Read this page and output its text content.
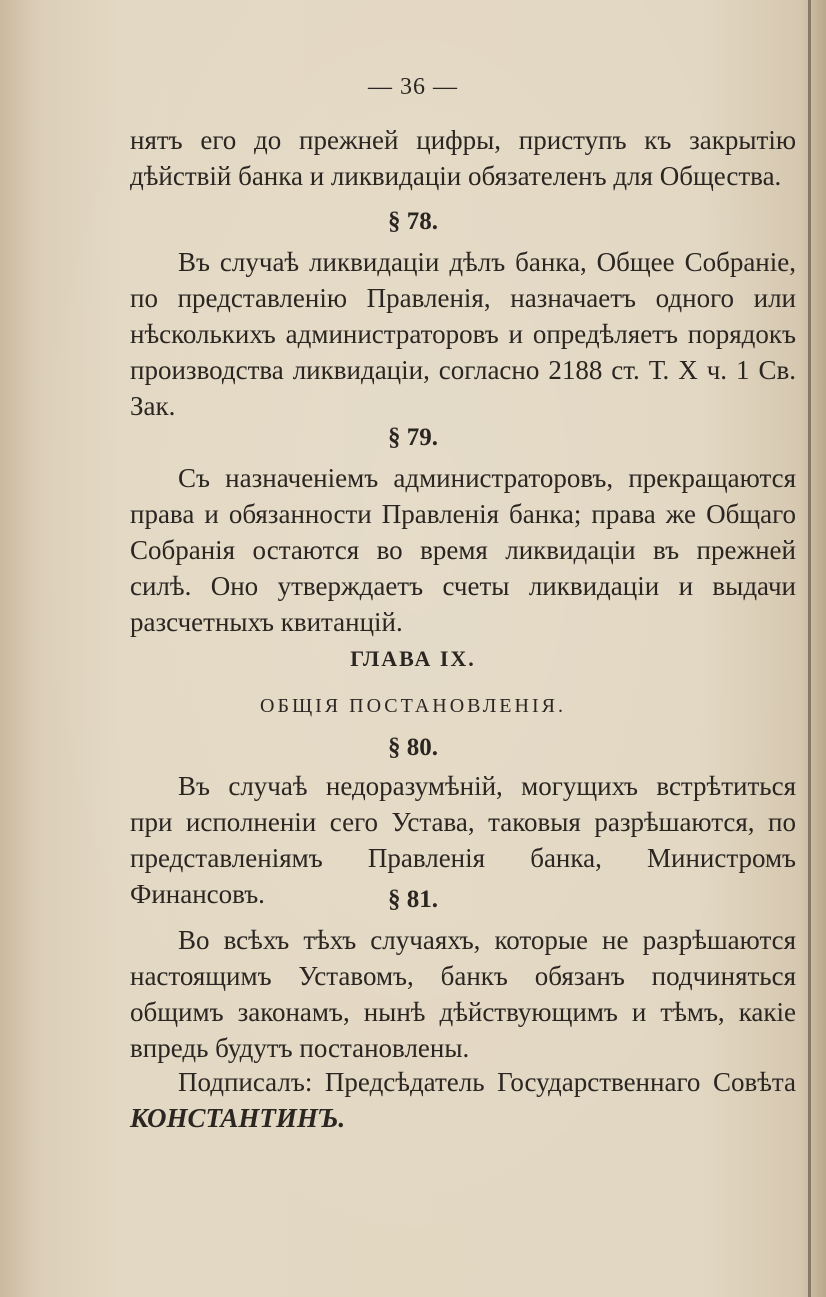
— 36 —
нятъ его до прежней цифры, приступъ къ закрытію дѣйствій банка и ликвидаціи обязателенъ для Общества.
§ 78.
Въ случаѣ ликвидаціи дѣлъ банка, Общее Собраніе, по представленію Правленія, назначаетъ одного или нѣсколькихъ администраторовъ и опредѣляетъ порядокъ производства ликвидаціи, согласно 2188 ст. Т. X ч. 1 Св. Зак.
§ 79.
Съ назначеніемъ администраторовъ, прекращаются права и обязанности Правленія банка; права же Общаго Собранія остаются во время ликвидаціи въ прежней силѣ. Оно утверждаетъ счеты ликвидаціи и выдачи разсчетныхъ квитанцій.
ГЛАВА IX.
ОБЩІЯ ПОСТАНОВЛЕНІЯ.
§ 80.
Въ случаѣ недоразумѣній, могущихъ встрѣтиться при исполненіи сего Устава, таковыя разрѣшаются, по представленіямъ Правленія банка, Министромъ Финансовъ.	§ 81.
Во всѣхъ тѣхъ случаяхъ, которые не разрѣшаются настоящимъ Уставомъ, банкъ обязанъ подчиняться общимъ законамъ, нынѣ дѣйствующимъ и тѣмъ, какіе впредь будутъ постановлены.
Подписалъ: Предсѣдатель Государственнаго Совѣта КОНСТАНТИНЪ.
